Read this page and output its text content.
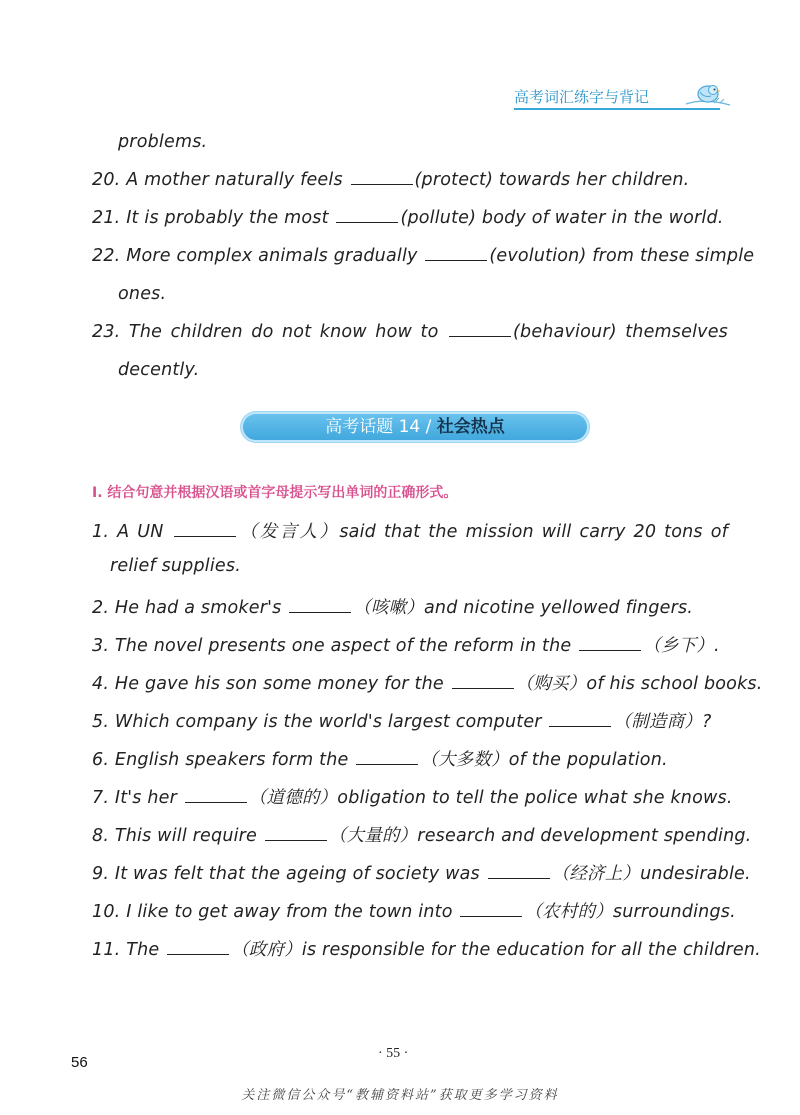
高考词汇练字与背记
problems.
20. A mother naturally feels	(protect) towards her children.
21. It is probably the most	(pollute) body of water in the world.
22. More complex animals gradually	(evolution) from these simple
ones.
23. The children do not know how to	(behaviour) themselves
decently.
高考话题 14 / 社会热点
I. 结合句意并根据汉语或首字母提示写出单词的正确形式。
1. A UN	（发言人）said that the mission will carry 20 tons of
relief supplies.
2. He had a smoker's	（咳嗽）and nicotine yellowed fingers.
3. The novel presents one aspect of the reform in the	（乡下）.
4. He gave his son some money for the	（购买）of his school books.
5. Which company is the world's largest computer	（制造商）?
6. English speakers form the	（大多数）of the population.
7. It's her	（道德的）obligation to tell the police what she knows.
8. This will require	（大量的）research and development spending.
9. It was felt that the ageing of society was	（经济上）undesirable.
10. I like to get away from the town into	（农村的）surroundings.
11. The	（政府）is responsible for the education for all the children.
56
· 55 ·
关注微信公众号“教辅资料站”获取更多学习资料
